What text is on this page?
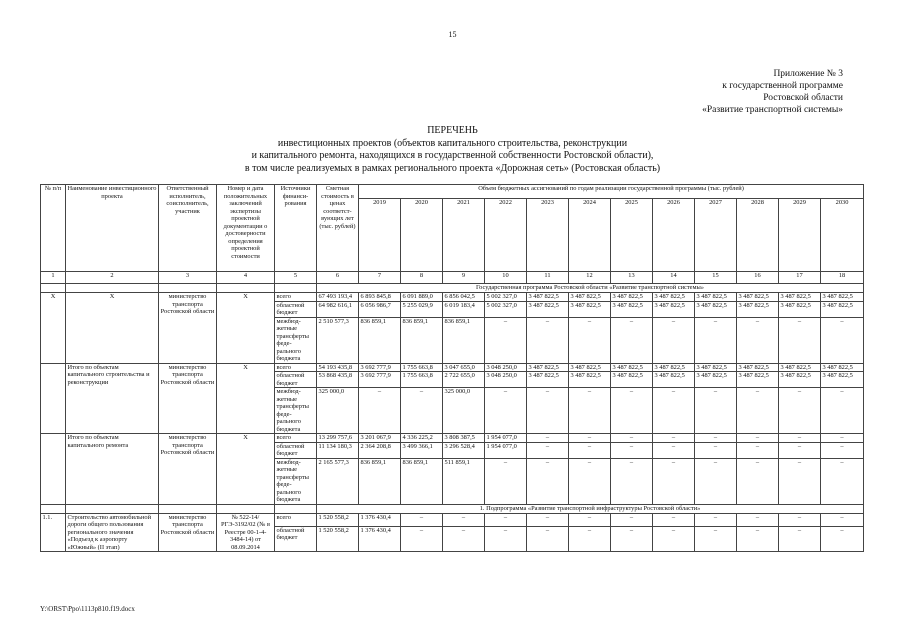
15
Приложение № 3
к государственной программе
Ростовской области
«Развитие транспортной системы»
ПЕРЕЧЕНЬ
инвестиционных проектов (объектов капитального строительства, реконструкции
и капитального ремонта, находящихся в государственной собственности Ростовской области),
в том числе реализуемых в рамках регионального проекта «Дорожная сеть» (Ростовская область)
№ п/п	Наименование инвестиционного проекта	Ответственный исполнитель, соисполнитель, участник	Номер и дата положительных заключений экспертизы проектной документации о достоверности определения проектной стоимости	Источники финанси-рования	Сметная стоимость в ценах соответст-вующих лет (тыс. рублей)	Объем бюджетных ассигнований по годам реализации государственной программы (тыс. рублей)											
						2019	2020	2021	2022	2023	2024	2025	2026	2027	2028	2029	2030
1	2	3	4	5	6	7	8	9	10	11	12	13	14	15	16	17	18
					Государственная программа Ростовской области «Развитие транспортной системы»												
X	X	министерство транспорта Ростовской области	X	всего	67 493 193,4	6 893 845,8	6 091 889,0	6 856 042,5	5 002 327,0	3 487 822,5	3 487 822,5	3 487 822,5	3 487 822,5	3 487 822,5	3 487 822,5	3 487 822,5	3 487 822,5
				областной бюджет	64 982 616,1	6 056 986,7	5 255 029,9	6 019 183,4	5 002 327,0	3 487 822,5	3 487 822,5	3 487 822,5	3 487 822,5	3 487 822,5	3 487 822,5	3 487 822,5	3 487 822,5
				межбюд-жетные трансферты феде-рального бюджета	2 510 577,3	836 859,1	836 859,1	836 859,1	–	–	–	–	–	–	–	–	–
	Итого по объектам капитального строительства и реконструкции	министерство транспорта Ростовской области	X	всего	54 193 435,8	3 692 777,9	1 755 663,8	3 047 655,0	3 048 250,0	3 487 822,5	3 487 822,5	3 487 822,5	3 487 822,5	3 487 822,5	3 487 822,5	3 487 822,5	3 487 822,5
				областной бюджет	53 868 435,8	3 692 777,9	1 755 663,8	2 722 655,0	3 048 250,0	3 487 822,5	3 487 822,5	3 487 822,5	3 487 822,5	3 487 822,5	3 487 822,5	3 487 822,5	3 487 822,5
				межбюд-жетные трансферты феде-рального бюджета	325 000,0	–	–	325 000,0	–	–	–	–	–	–	–	–	–
	Итого по объектам капитального ремонта	министерство транспорта Ростовской области	X	всего	13 299 757,6	3 201 067,9	4 336 225,2	3 808 387,5	1 954 077,0	–	–	–	–	–	–	–	–
				областной бюджет	11 134 180,3	2 364 208,8	3 499 366,1	3 296 528,4	1 954 077,0	–	–	–	–	–	–	–	–
				межбюд-жетные трансферты феде-рального бюджета	2 165 577,3	836 859,1	836 859,1	511 859,1	–	–	–	–	–	–	–	–	–
					1. Подпрограмма «Развитие транспортной инфраструктуры Ростовской области»												
1.1.	Строительство автомобильной дороги общего пользования регионального значения «Подъезд к аэропорту «Южный» (II этап)	министерство транспорта Ростовской области	№ 522-14/РГЭ-3192/02 (№ в Реестре 00-1-4-3484-14) от 08.09.2014	всего	1 520 558,2	1 376 430,4	–	–	–	–	–	–	–	–	–	–	–
				областной бюджет	1 520 558,2	1 376 430,4	–	–	–	–	–	–	–	–	–	–	–
Y:\ORST\Ppo\1113p810.f19.docx
